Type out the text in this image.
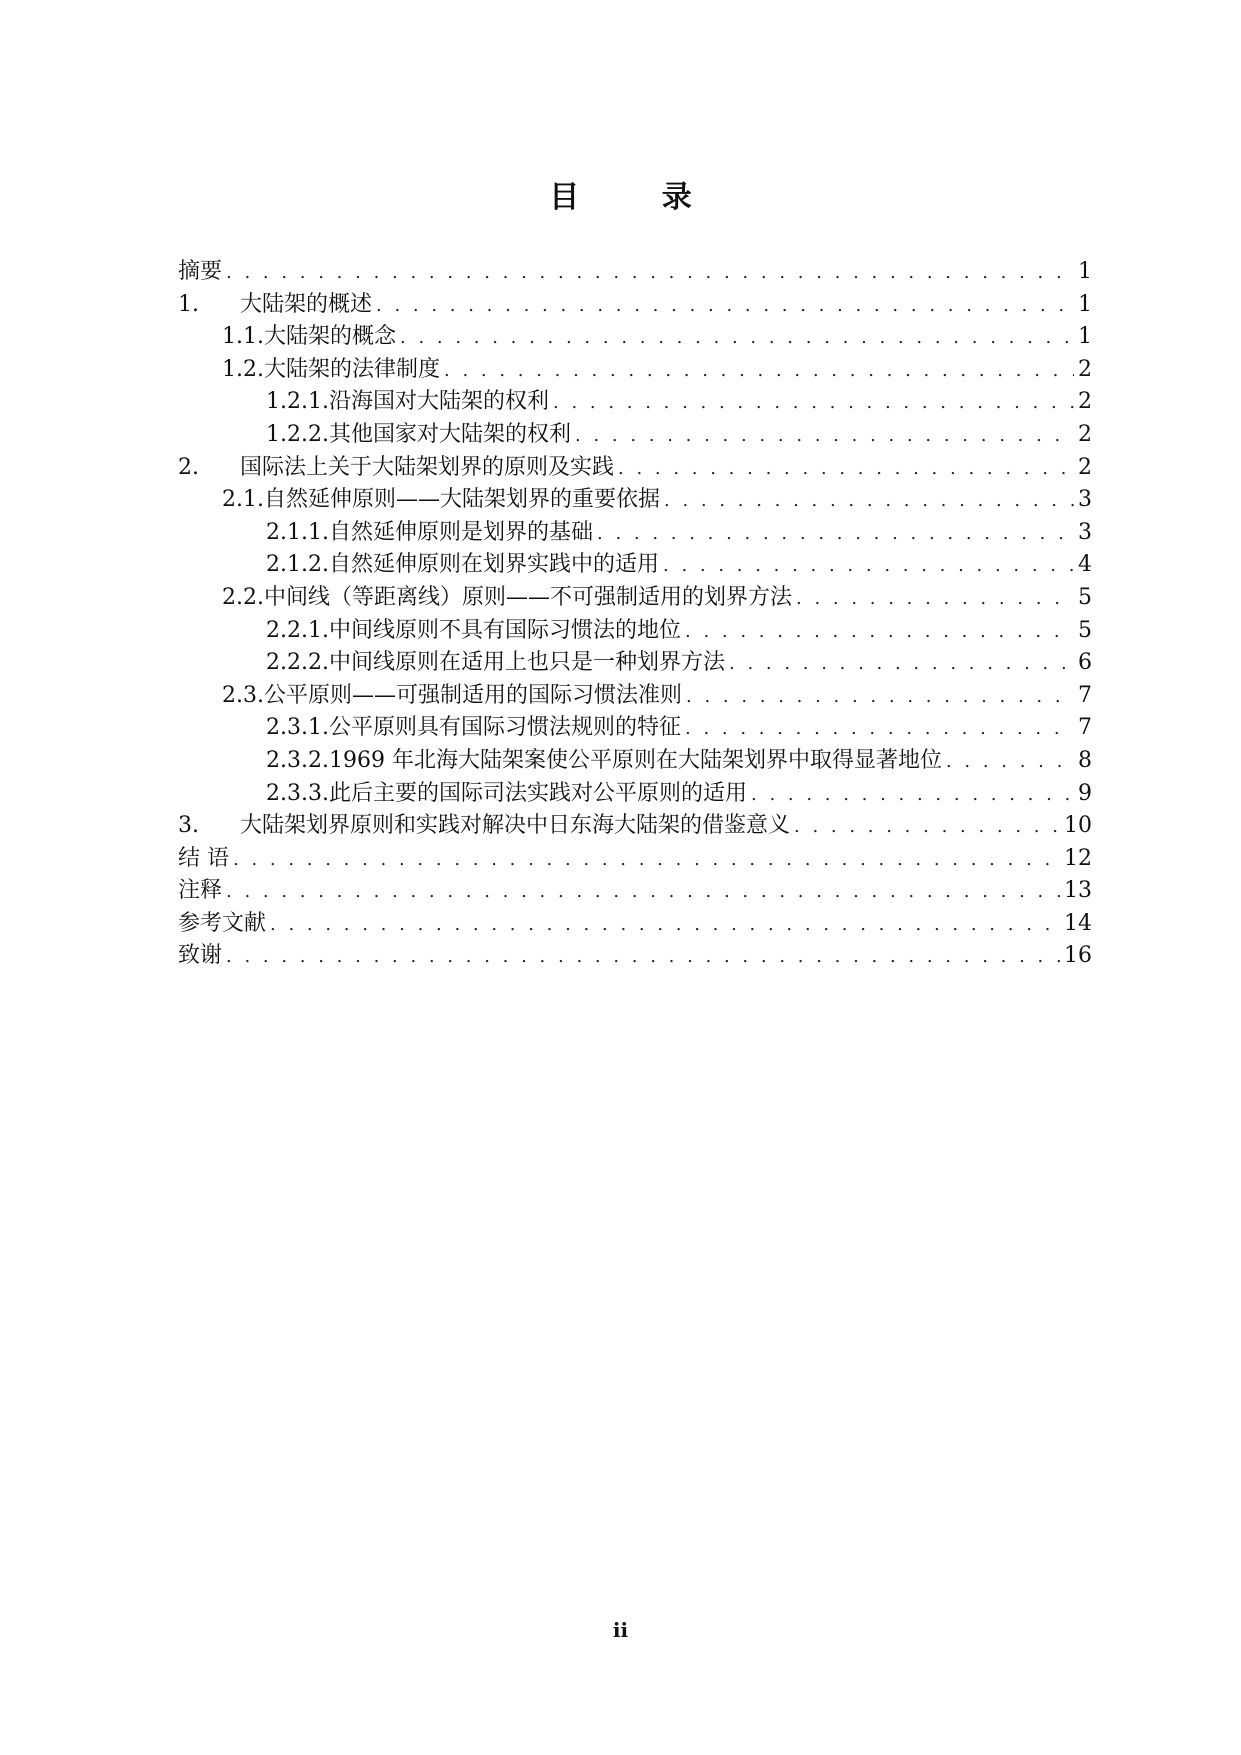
目 录
摘要 . . .	1
1.	大陆架的概述 . . .	1
1.1. 大陆架的概念 . . .	1
1.2. 大陆架的法律制度 . . .	2
1.2.1. 沿海国对大陆架的权利 . . .	2
1.2.2. 其他国家对大陆架的权利 . . .	2
2.	国际法上关于大陆架划界的原则及实践 . . .	2
2.1. 自然延伸原则——大陆架划界的重要依据 . . .	3
2.1.1. 自然延伸原则是划界的基础 . . .	3
2.1.2. 自然延伸原则在划界实践中的适用 . . .	4
2.2. 中间线（等距离线）原则——不可强制适用的划界方法 . . .	5
2.2.1. 中间线原则不具有国际习惯法的地位 . . .	5
2.2.2. 中间线原则在适用上也只是一种划界方法 . . .	6
2.3. 公平原则——可强制适用的国际习惯法准则 . . .	7
2.3.1. 公平原则具有国际习惯法规则的特征 . . .	7
2.3.2. 1969 年北海大陆架案使公平原则在大陆架划界中取得显著地位 . . .	8
2.3.3. 此后主要的国际司法实践对公平原则的适用 . . .	9
3.	大陆架划界原则和实践对解决中日东海大陆架的借鉴意义 . . .	10
结 语 . . .	12
注释 . . .	13
参考文献 . . .	14
致谢 . . .	16
ii
